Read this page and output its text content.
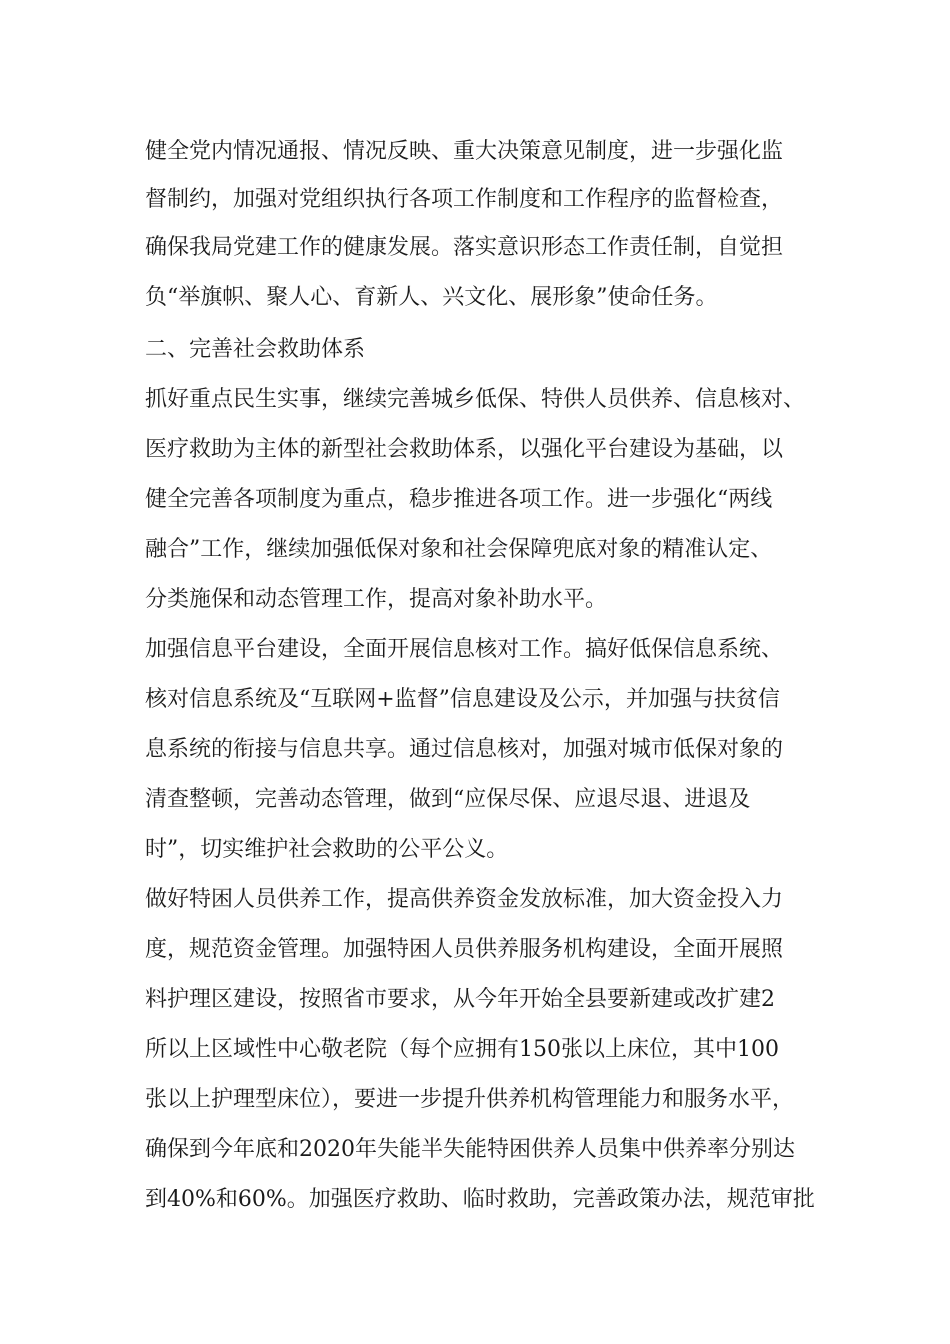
健全党内情况通报、情况反映、重大决策意见制度，进一步强化监
督制约，加强对党组织执行各项工作制度和工作程序的监督检查，
确保我局党建工作的健康发展。落实意识形态工作责任制，自觉担
负“举旗帜、聚人心、育新人、兴文化、展形象”使命任务。
二、完善社会救助体系
抓好重点民生实事，继续完善城乡低保、特供人员供养、信息核对、
医疗救助为主体的新型社会救助体系，以强化平台建设为基础，以
健全完善各项制度为重点，稳步推进各项工作。进一步强化“两线
融合”工作，继续加强低保对象和社会保障兜底对象的精准认定、
分类施保和动态管理工作，提高对象补助水平。
加强信息平台建设，全面开展信息核对工作。搞好低保信息系统、
核对信息系统及“互联网+监督”信息建设及公示，并加强与扶贫信
息系统的衔接与信息共享。通过信息核对，加强对城市低保对象的
清查整顿，完善动态管理，做到“应保尽保、应退尽退、进退及
时”，切实维护社会救助的公平公义。
做好特困人员供养工作，提高供养资金发放标准，加大资金投入力
度，规范资金管理。加强特困人员供养服务机构建设，全面开展照
料护理区建设，按照省市要求，从今年开始全县要新建或改扩建2
所以上区域性中心敬老院（每个应拥有150张以上床位，其中100
张以上护理型床位），要进一步提升供养机构管理能力和服务水平，
确保到今年底和2020年失能半失能特困供养人员集中供养率分别达
到40%和60%。加强医疗救助、临时救助，完善政策办法，规范审批
